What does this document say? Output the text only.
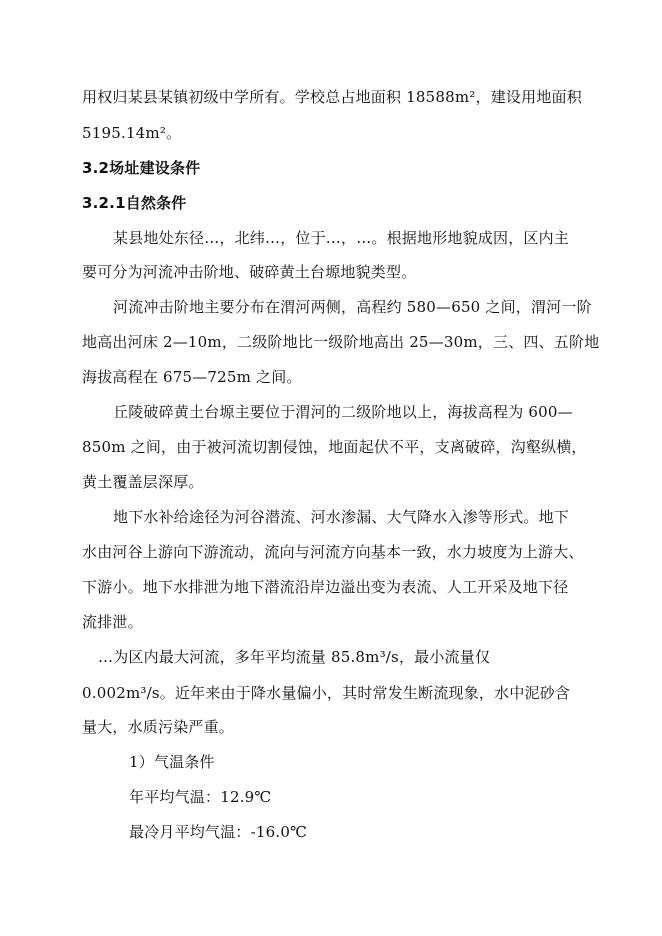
用权归某县某镇初级中学所有。学校总占地面积 18588m²，建设用地面积
5195.14m²。
3.2场址建设条件
3.2.1自然条件
某县地处东径…，北纬…，位于…，…。根据地形地貌成因，区内主
要可分为河流冲击阶地、破碎黄土台塬地貌类型。
河流冲击阶地主要分布在渭河两侧，高程约 580—650 之间，渭河一阶
地高出河床 2—10m，二级阶地比一级阶地高出 25—30m，三、四、五阶地
海拔高程在 675—725m 之间。
丘陵破碎黄土台塬主要位于渭河的二级阶地以上，海拔高程为 600—
850m 之间，由于被河流切割侵蚀，地面起伏不平，支离破碎，沟壑纵横，
黄土覆盖层深厚。
地下水补给途径为河谷潜流、河水渗漏、大气降水入渗等形式。地下
水由河谷上游向下游流动，流向与河流方向基本一致，水力坡度为上游大、
下游小。地下水排泄为地下潜流沿岸边溢出变为表流、人工开采及地下径
流排泄。
…为区内最大河流，多年平均流量 85.8m³/s，最小流量仅
0.002m³/s。近年来由于降水量偏小，其时常发生断流现象，水中泥砂含
量大，水质污染严重。
1）气温条件
年平均气温：12.9℃
最冷月平均气温：-16.0℃
